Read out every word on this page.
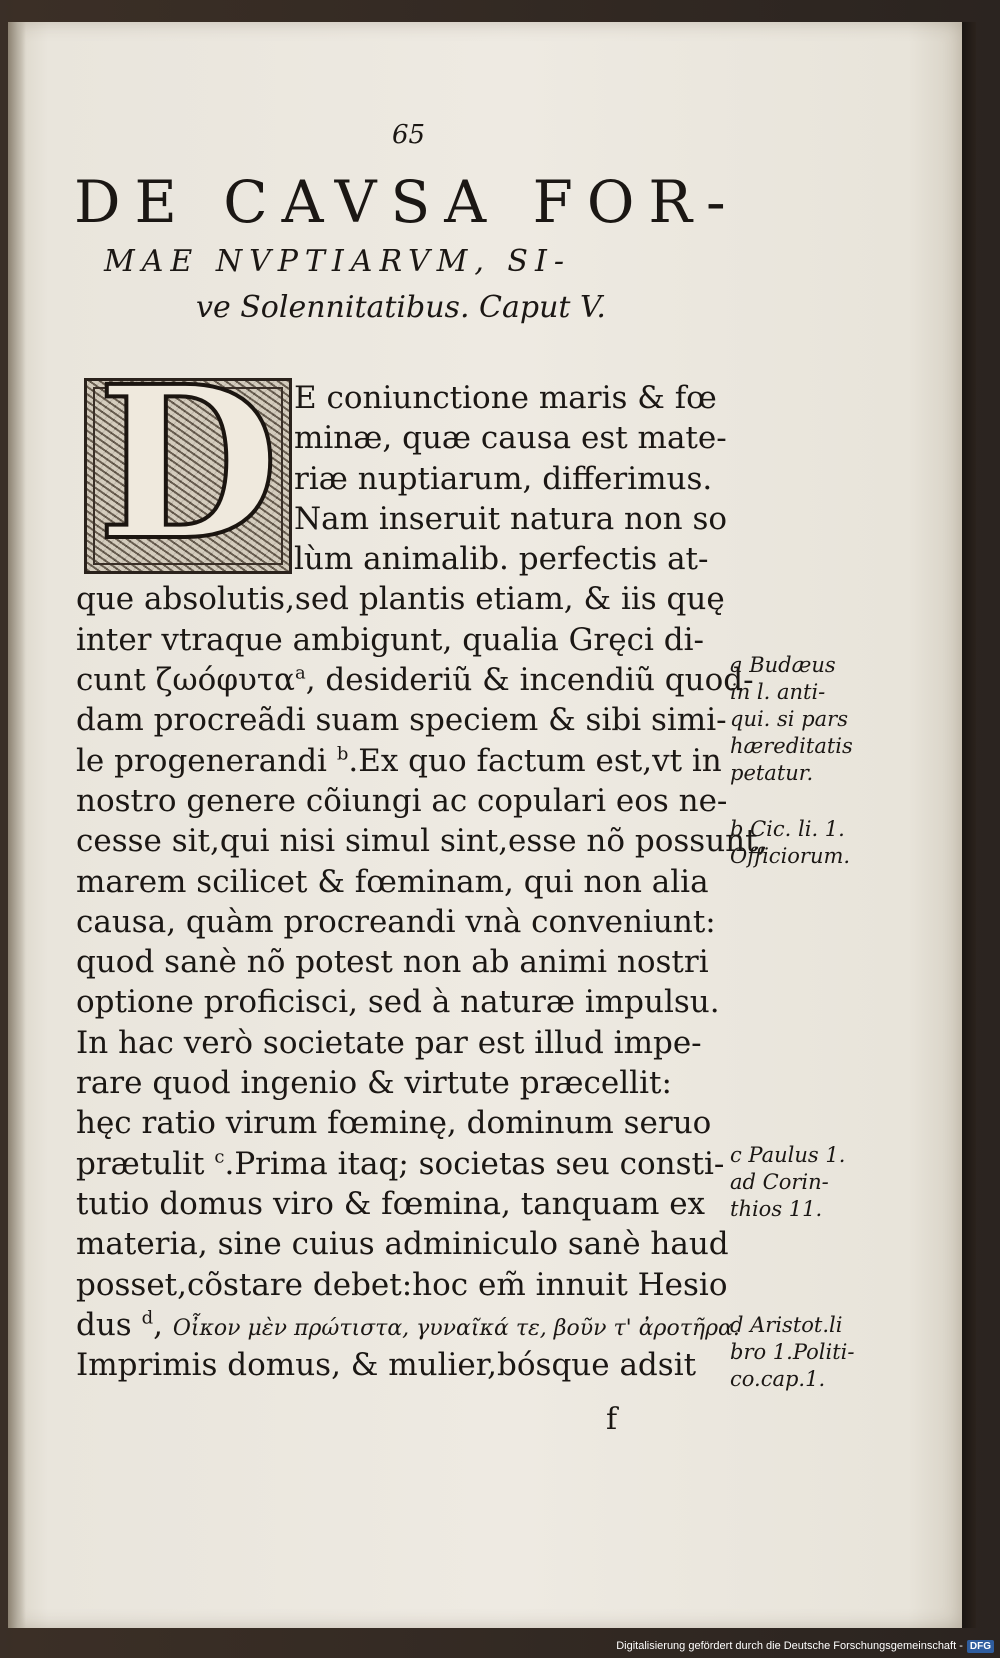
65
DE CAVSA FOR-
MAE NVPTIARVM, SI-
ve Solennitatibus. Caput V.
D E coniunctione maris & fœ
minæ, quæ causa est mate-
riæ nuptiarum, differimus.
Nam inseruit natura non so
lùm animalib. perfectis at-
que absolutis,sed plantis etiam, & iis quę
inter vtraque ambigunt, qualia Gręci di-
cunt ζωόφυτα$^a$, desideriũ & incendiũ quod-
dam procreãdi suam speciem & sibi simi-
le progenerandi $^b$.Ex quo factum est,vt in
nostro genere cõiungi ac copulari eos ne-
cesse sit,qui nisi simul sint,esse nõ possunt,
marem scilicet & fœminam, qui non alia
causa, quàm procreandi vnà conveniunt:
quod sanè nõ potest non ab animi nostri
optione proficisci, sed à naturæ impulsu.
In hac verò societate par est illud impe-
rare quod ingenio & virtute præcellit:
hęc ratio virum fœminę, dominum seruo
prætulit $^c$.Prima itaq; societas seu consti-
tutio domus viro & fœmina, tanquam ex
materia, sine cuius adminiculo sanè haud
posset,cõstare debet:hoc em̃ innuit Hesio
dus $^d$, Οἶκον μὲν πρώτιστα, γυναῖκά τε, βοῦν τ' ἀροτῆρα.
Imprimis domus, & mulier,bósque adsit
f
a Budæus
in l. anti-
qui. si pars
hæreditatis
petatur.
b Cic. li. 1.
Officiorum.
c Paulus 1.
ad Corin-
thios 11.
d Aristot.li
bro 1.Politi-
co.cap.1.
Digitalisierung gefördert durch die Deutsche Forschungsgemeinschaft - DFG
